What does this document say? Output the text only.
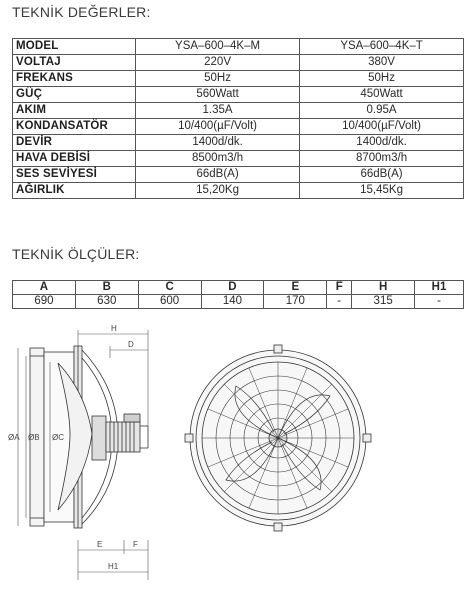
TEKNİK DEĞERLER:
MODEL	YSA–600–4K–M	YSA–600–4K–T
VOLTAJ	220V	380V
FREKANS	50Hz	50Hz
GÜÇ	560Watt	450Watt
AKIM	1.35A	0.95A
KONDANSATÖR	10/400(µF/Volt)	10/400(µF/Volt)
DEVİR	1400d/dk.	1400d/dk.
HAVA DEBİSİ	8500m3/h	8700m3/h
SES SEVİYESİ	66dB(A)	66dB(A)
AĞIRLIK	15,20Kg	15,45Kg
TEKNİK ÖLÇÜLER:
A	B	C	D	E	F	H	H1
690	630	600	140	170	-	315	-
H
D
ØA ØB ØC
E	F
H1
